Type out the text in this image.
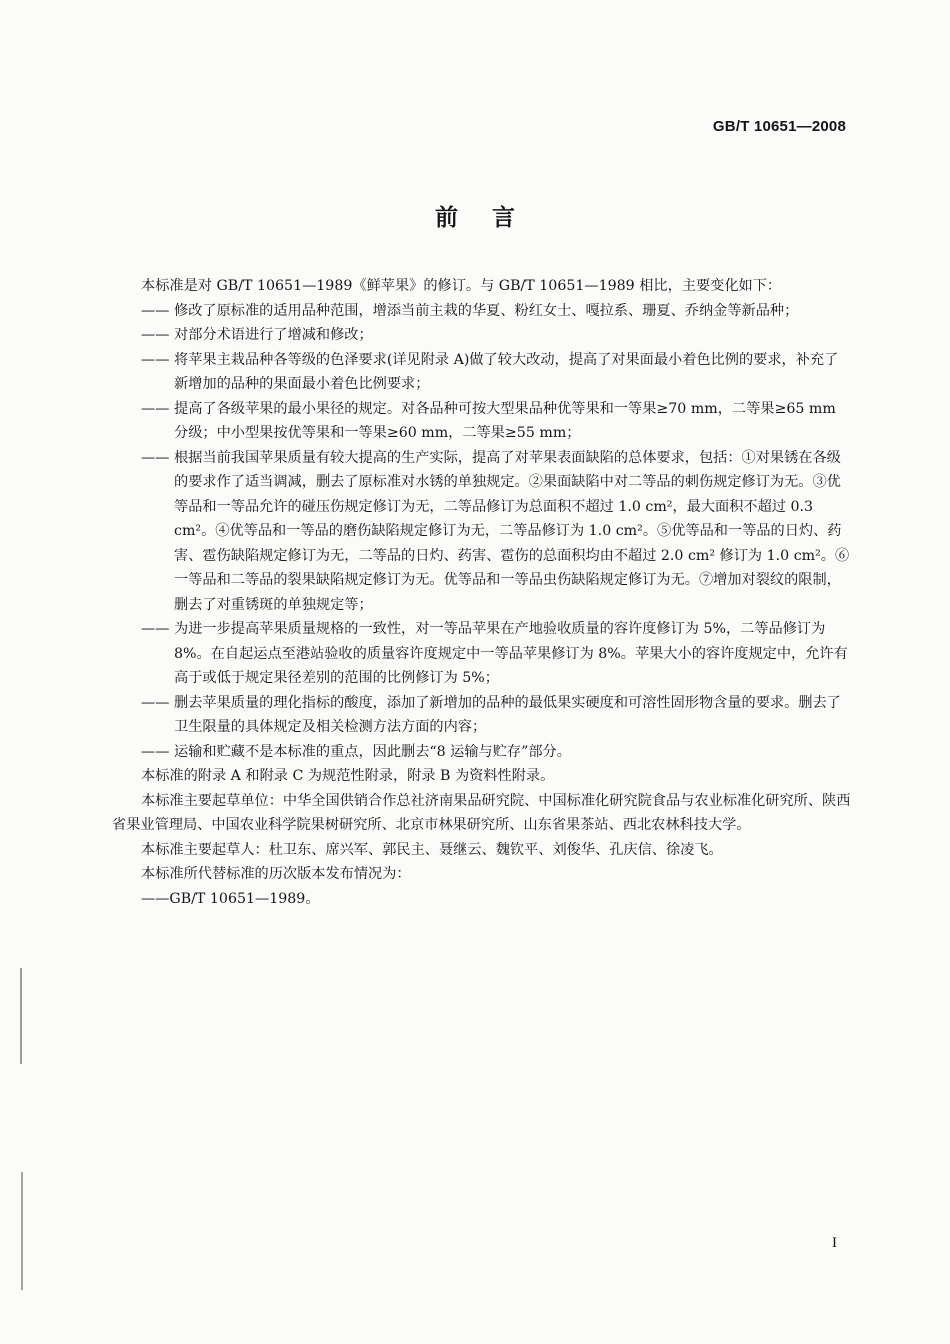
GB/T 10651—2008
前言

本标准是对 GB/T 10651—1989《鲜苹果》的修订。与 GB/T 10651—1989 相比，主要变化如下：

—— 修改了原标准的适用品种范围，增添当前主栽的华夏、粉红女士、嘎拉系、珊夏、乔纳金等新品种；

—— 对部分术语进行了增减和修改；

—— 将苹果主栽品种各等级的色泽要求(详见附录 A)做了较大改动，提高了对果面最小着色比例的要求，补充了新增加的品种的果面最小着色比例要求；

—— 提高了各级苹果的最小果径的规定。对各品种可按大型果品种优等果和一等果≥70 mm，二等果≥65 mm 分级；中小型果按优等果和一等果≥60 mm，二等果≥55 mm；

—— 根据当前我国苹果质量有较大提高的生产实际，提高了对苹果表面缺陷的总体要求，包括：①对果锈在各级的要求作了适当调减，删去了原标准对水锈的单独规定。②果面缺陷中对二等品的刺伤规定修订为无。③优等品和一等品允许的碰压伤规定修订为无，二等品修订为总面积不超过 1.0 cm²，最大面积不超过 0.3 cm²。④优等品和一等品的磨伤缺陷规定修订为无，二等品修订为 1.0 cm²。⑤优等品和一等品的日灼、药害、雹伤缺陷规定修订为无，二等品的日灼、药害、雹伤的总面积均由不超过 2.0 cm² 修订为 1.0 cm²。⑥一等品和二等品的裂果缺陷规定修订为无。优等品和一等品虫伤缺陷规定修订为无。⑦增加对裂纹的限制，删去了对重锈斑的单独规定等；

—— 为进一步提高苹果质量规格的一致性，对一等品苹果在产地验收质量的容许度修订为 5%，二等品修订为 8%。在自起运点至港站验收的质量容许度规定中一等品苹果修订为 8%。苹果大小的容许度规定中，允许有高于或低于规定果径差别的范围的比例修订为 5%；

—— 删去苹果质量的理化指标的酸度，添加了新增加的品种的最低果实硬度和可溶性固形物含量的要求。删去了卫生限量的具体规定及相关检测方法方面的内容；

—— 运输和贮藏不是本标准的重点，因此删去“8 运输与贮存”部分。

本标准的附录 A 和附录 C 为规范性附录，附录 B 为资料性附录。

本标准主要起草单位：中华全国供销合作总社济南果品研究院、中国标准化研究院食品与农业标准化研究所、陕西省果业管理局、中国农业科学院果树研究所、北京市林果研究所、山东省果茶站、西北农林科技大学。

本标准主要起草人：杜卫东、席兴军、郭民主、聂继云、魏钦平、刘俊华、孔庆信、徐凌飞。

本标准所代替标准的历次版本发布情况为：

——GB/T 10651—1989。

I
